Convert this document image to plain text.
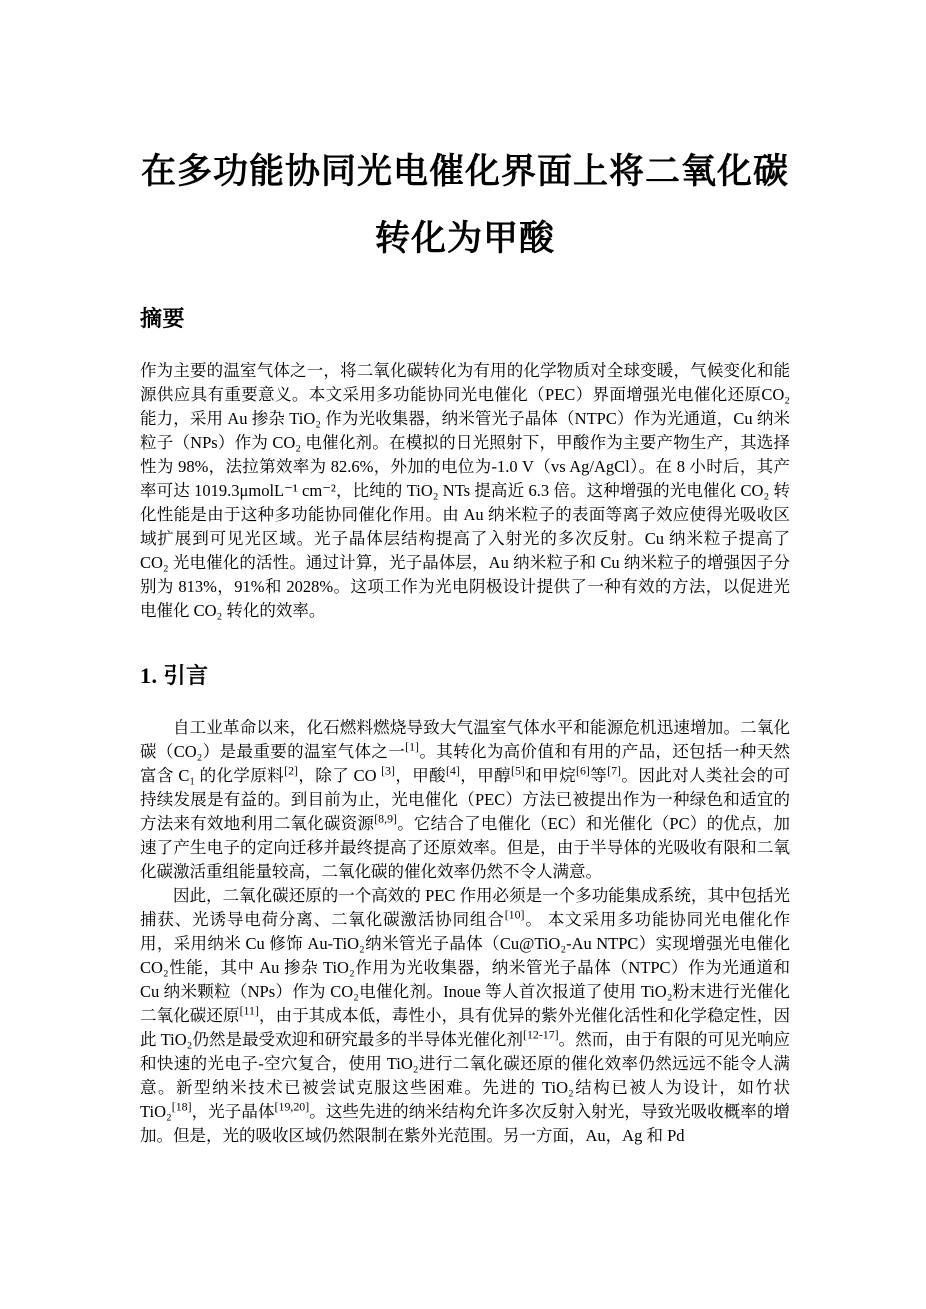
在多功能协同光电催化界面上将二氧化碳
转化为甲酸
摘要

作为主要的温室气体之一，将二氧化碳转化为有用的化学物质对全球变暖，气候变化和能源供应具有重要意义。本文采用多功能协同光电催化（PEC）界面增强光电催化还原CO₂能力，采用 Au 掺杂 TiO₂ 作为光收集器，纳米管光子晶体（NTPC）作为光通道，Cu 纳米粒子（NPs）作为 CO₂ 电催化剂。在模拟的日光照射下，甲酸作为主要产物生产，其选择性为 98%，法拉第效率为 82.6%，外加的电位为-1.0 V（vs Ag/AgCl）。在 8 小时后，其产率可达 1019.3μmolL⁻¹ cm⁻²，比纯的 TiO₂ NTs 提高近 6.3 倍。这种增强的光电催化 CO₂ 转化性能是由于这种多功能协同催化作用。由 Au 纳米粒子的表面等离子效应使得光吸收区域扩展到可见光区域。光子晶体层结构提高了入射光的多次反射。Cu 纳米粒子提高了 CO₂ 光电催化的活性。通过计算，光子晶体层，Au 纳米粒子和 Cu 纳米粒子的增强因子分别为 813%，91%和 2028%。这项工作为光电阴极设计提供了一种有效的方法，以促进光电催化 CO₂ 转化的效率。

1. 引言

自工业革命以来，化石燃料燃烧导致大气温室气体水平和能源危机迅速增加。二氧化碳（CO₂）是最重要的温室气体之一[1]。其转化为高价值和有用的产品，还包括一种天然富含 C₁ 的化学原料[2]，除了 CO [3]，甲酸[4]，甲醇[5]和甲烷[6]等[7]。因此对人类社会的可持续发展是有益的。到目前为止，光电催化（PEC）方法已被提出作为一种绿色和适宜的方法来有效地利用二氧化碳资源[8,9]。它结合了电催化（EC）和光催化（PC）的优点，加速了产生电子的定向迁移并最终提高了还原效率。但是，由于半导体的光吸收有限和二氧化碳激活重组能量较高，二氧化碳的催化效率仍然不令人满意。

因此，二氧化碳还原的一个高效的 PEC 作用必须是一个多功能集成系统，其中包括光捕获、光诱导电荷分离、二氧化碳激活协同组合[10]。 本文采用多功能协同光电催化作用，采用纳米 Cu 修饰 Au-TiO₂纳米管光子晶体（Cu@TiO₂-Au NTPC）实现增强光电催化 CO₂性能，其中 Au 掺杂 TiO₂作用为光收集器，纳米管光子晶体（NTPC）作为光通道和 Cu 纳米颗粒（NPs）作为 CO₂电催化剂。Inoue 等人首次报道了使用 TiO₂粉末进行光催化二氧化碳还原[11]，由于其成本低，毒性小，具有优异的紫外光催化活性和化学稳定性，因此 TiO₂仍然是最受欢迎和研究最多的半导体光催化剂[12-17]。然而，由于有限的可见光响应和快速的光电子-空穴复合，使用 TiO₂进行二氧化碳还原的催化效率仍然远远不能令人满意。新型纳米技术已被尝试克服这些困难。先进的 TiO₂结构已被人为设计，如竹状 TiO₂[18]，光子晶体[19,20]。这些先进的纳米结构允许多次反射入射光，导致光吸收概率的增加。但是，光的吸收区域仍然限制在紫外光范围。另一方面，Au，Ag 和 Pd
